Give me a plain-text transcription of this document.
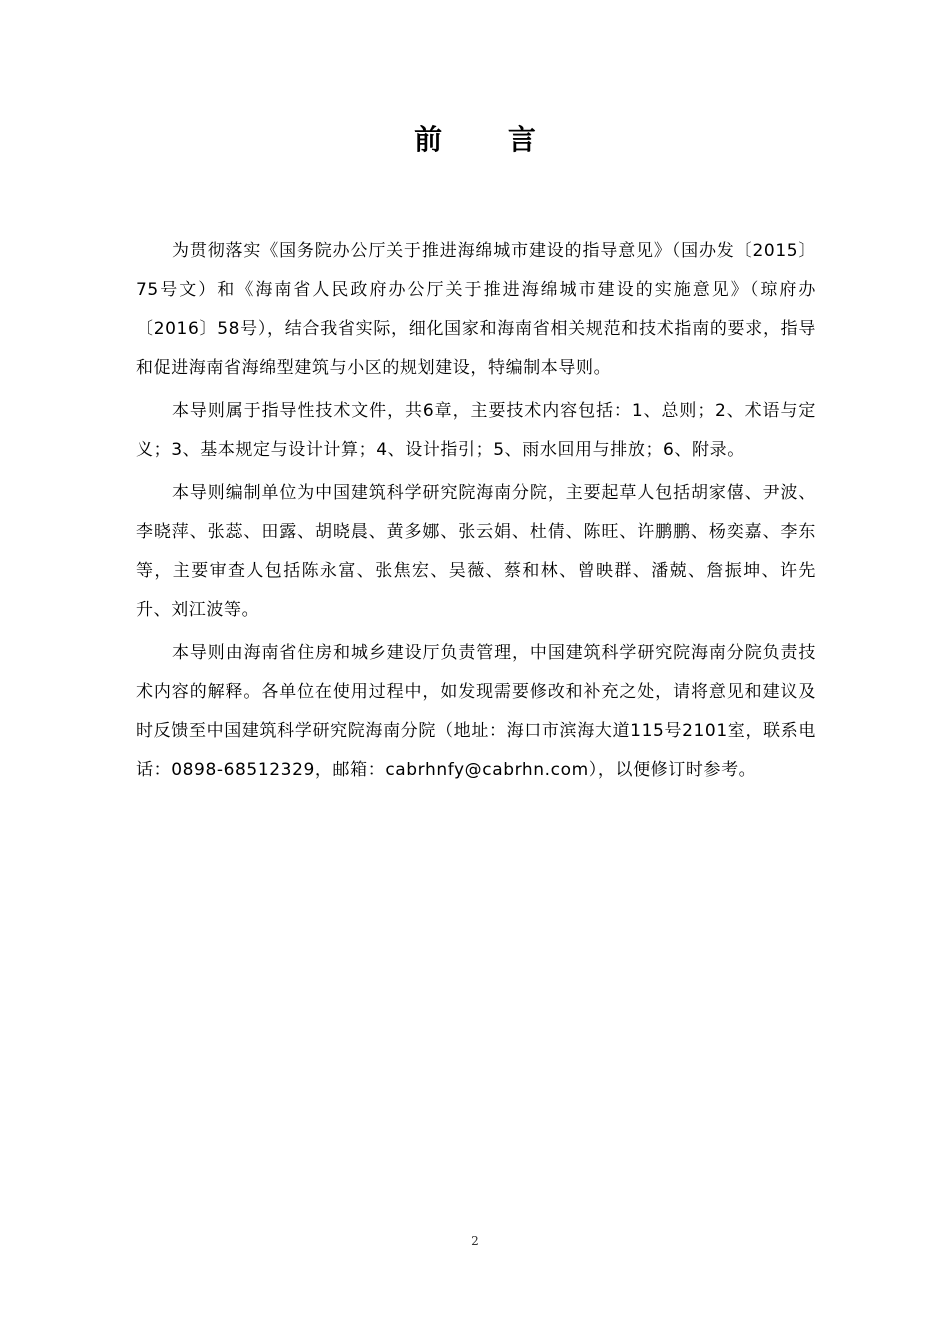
前 言

为贯彻落实《国务院办公厅关于推进海绵城市建设的指导意见》（国办发〔2015〕75号文）和《海南省人民政府办公厅关于推进海绵城市建设的实施意见》（琼府办〔2016〕58号），结合我省实际，细化国家和海南省相关规范和技术指南的要求，指导和促进海南省海绵型建筑与小区的规划建设，特编制本导则。

本导则属于指导性技术文件，共6章，主要技术内容包括：1、总则；2、术语与定义；3、基本规定与设计计算；4、设计指引；5、雨水回用与排放；6、附录。

本导则编制单位为中国建筑科学研究院海南分院，主要起草人包括胡家僖、尹波、李晓萍、张蕊、田露、胡晓晨、黄多娜、张云娟、杜倩、陈旺、许鹏鹏、杨奕嘉、李东等，主要审查人包括陈永富、张焦宏、吴薇、蔡和林、曾映群、潘兢、詹振坤、许先升、刘江波等。

本导则由海南省住房和城乡建设厅负责管理，中国建筑科学研究院海南分院负责技术内容的解释。各单位在使用过程中，如发现需要修改和补充之处，请将意见和建议及时反馈至中国建筑科学研究院海南分院（地址：海口市滨海大道115号2101室，联系电话：0898-68512329，邮箱：cabrhnfy@cabrhn.com），以便修订时参考。

2
